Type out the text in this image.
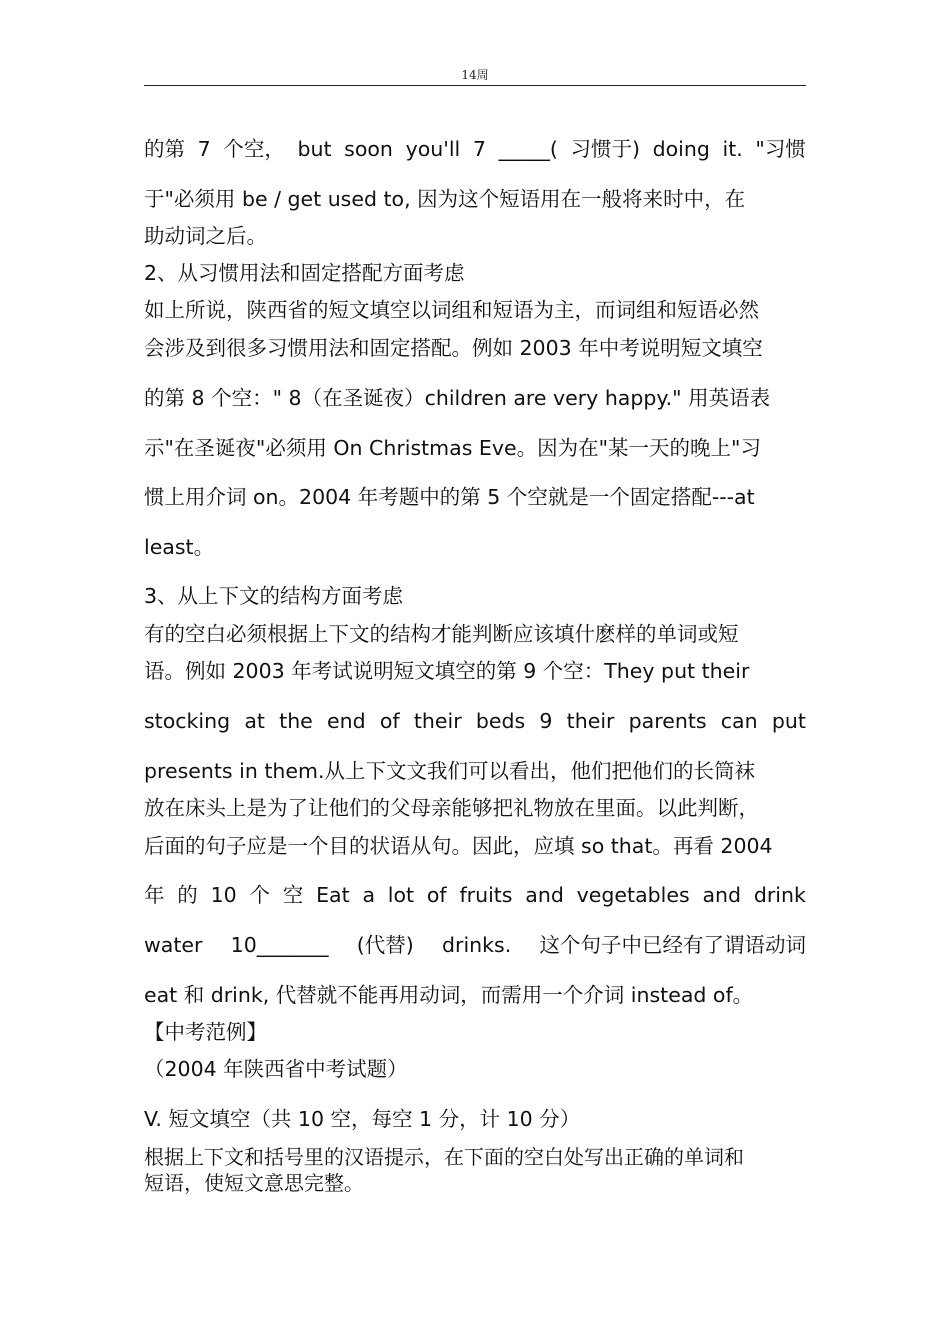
14周
的第 7 个空， but soon you'll 7 _____( 习惯于) doing it. "习惯
于"必须用 be / get used to, 因为这个短语用在一般将来时中，在
助动词之后。
2、从习惯用法和固定搭配方面考虑
如上所说，陕西省的短文填空以词组和短语为主，而词组和短语必然
会涉及到很多习惯用法和固定搭配。例如 2003 年中考说明短文填空
的第 8 个空：" 8（在圣诞夜）children are very happy." 用英语表
示"在圣诞夜"必须用 On Christmas Eve。因为在"某一天的晚上"习
惯上用介词 on。2004 年考题中的第 5 个空就是一个固定搭配---at
least。
3、从上下文的结构方面考虑
有的空白必须根据上下文的结构才能判断应该填什麽样的单词或短
语。例如 2003 年考试说明短文填空的第 9 个空：They put their
stocking at the end of their beds 9 their parents can put
presents in them.从上下文文我们可以看出，他们把他们的长筒袜
放在床头上是为了让他们的父母亲能够把礼物放在里面。以此判断，
后面的句子应是一个目的状语从句。因此，应填 so that。再看 2004
年 的 10 个 空 Eat a lot of fruits and vegetables and drink
water 10_______ (代替) drinks. 这个句子中已经有了谓语动词
eat 和 drink, 代替就不能再用动词，而需用一个介词 instead of。
【中考范例】
（2004 年陕西省中考试题）
V. 短文填空（共 10 空，每空 1 分，计 10 分）
根据上下文和括号里的汉语提示，在下面的空白处写出正确的单词和
短语，使短文意思完整。
